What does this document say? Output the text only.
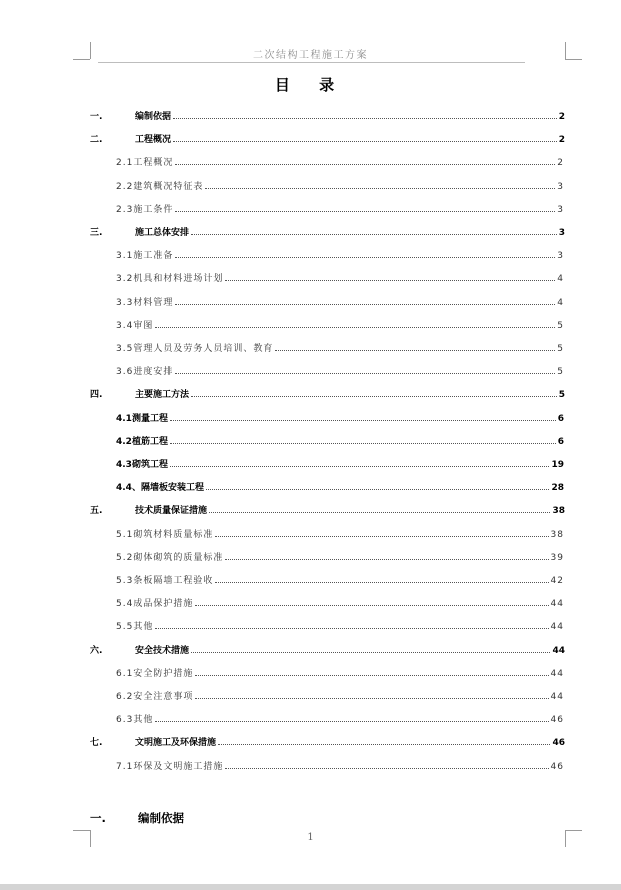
二次结构工程施工方案
目 录
一.	编制依据	2
二.	工程概况	2
2.1工程概况	2
2.2建筑概况特征表	3
2.3施工条件	3
三.	施工总体安排	3
3.1施工准备	3
3.2机具和材料进场计划	4
3.3材料管理	4
3.4审图	5
3.5管理人员及劳务人员培训、教育	5
3.6进度安排	5
四.	主要施工方法	5
4.1测量工程	6
4.2植筋工程	6
4.3砌筑工程	19
4.4、隔墙板安装工程	28
五.	技术质量保证措施	38
5.1砌筑材料质量标准	38
5.2砌体砌筑的质量标准	39
5.3条板隔墙工程验收	42
5.4成品保护措施	44
5.5其他	44
六.	安全技术措施	44
6.1安全防护措施	44
6.2安全注意事项	44
6.3其他	46
七.	文明施工及环保措施	46
7.1环保及文明施工措施	46
一.	编制依据
1
